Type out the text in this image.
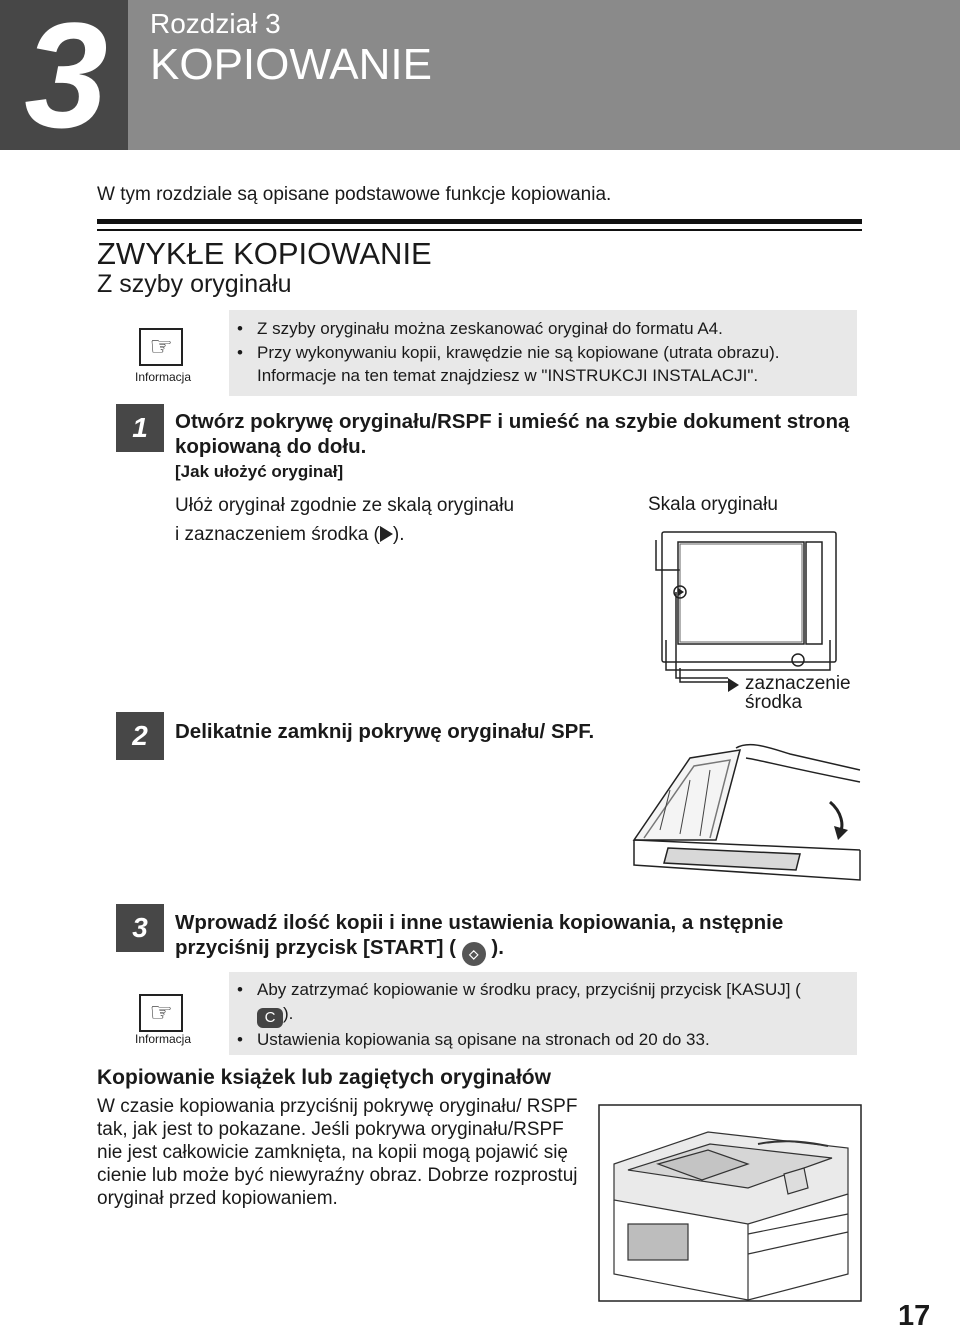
3	Rozdział 3
KOPIOWANIE
W tym rozdziale są opisane podstawowe funkcje kopiowania.
ZWYKŁE KOPIOWANIE
Z szyby oryginału
☞
Informacja
• Z szyby oryginału można zeskanować oryginał do formatu A4.
• Przy wykonywaniu kopii, krawędzie nie są kopiowane (utrata obrazu). Informacje na ten temat znajdziesz w "INSTRUKCJI INSTALACJI".
1	Otwórz pokrywę oryginału/RSPF i umieść na szybie dokument stroną kopiowaną do dołu.
[Jak ułożyć oryginał]
Ułóż oryginał zgodnie ze skalą oryginału
i zaznaczeniem środka ( ).
Skala oryginału
zaznaczenie
środka
2	Delikatnie zamknij pokrywę oryginału/ SPF.
3	Wprowadź ilość kopii i inne ustawienia kopiowania, a nstępnie przyciśnij przycisk [START] ( ◇ ).
☞
Informacja
• Aby zatrzymać kopiowanie w środku pracy, przyciśnij przycisk [KASUJ] (C ).
• Ustawienia kopiowania są opisane na stronach od 20 do 33.
Kopiowanie książek lub zagiętych oryginałów
W czasie kopiowania przyciśnij pokrywę oryginału/ RSPF tak, jak jest to pokazane. Jeśli pokrywa oryginału/RSPF nie jest całkowicie zamknięta, na kopii mogą pojawić się cienie lub może być niewyraźny obraz. Dobrze rozprostuj oryginał przed kopiowaniem.
17
